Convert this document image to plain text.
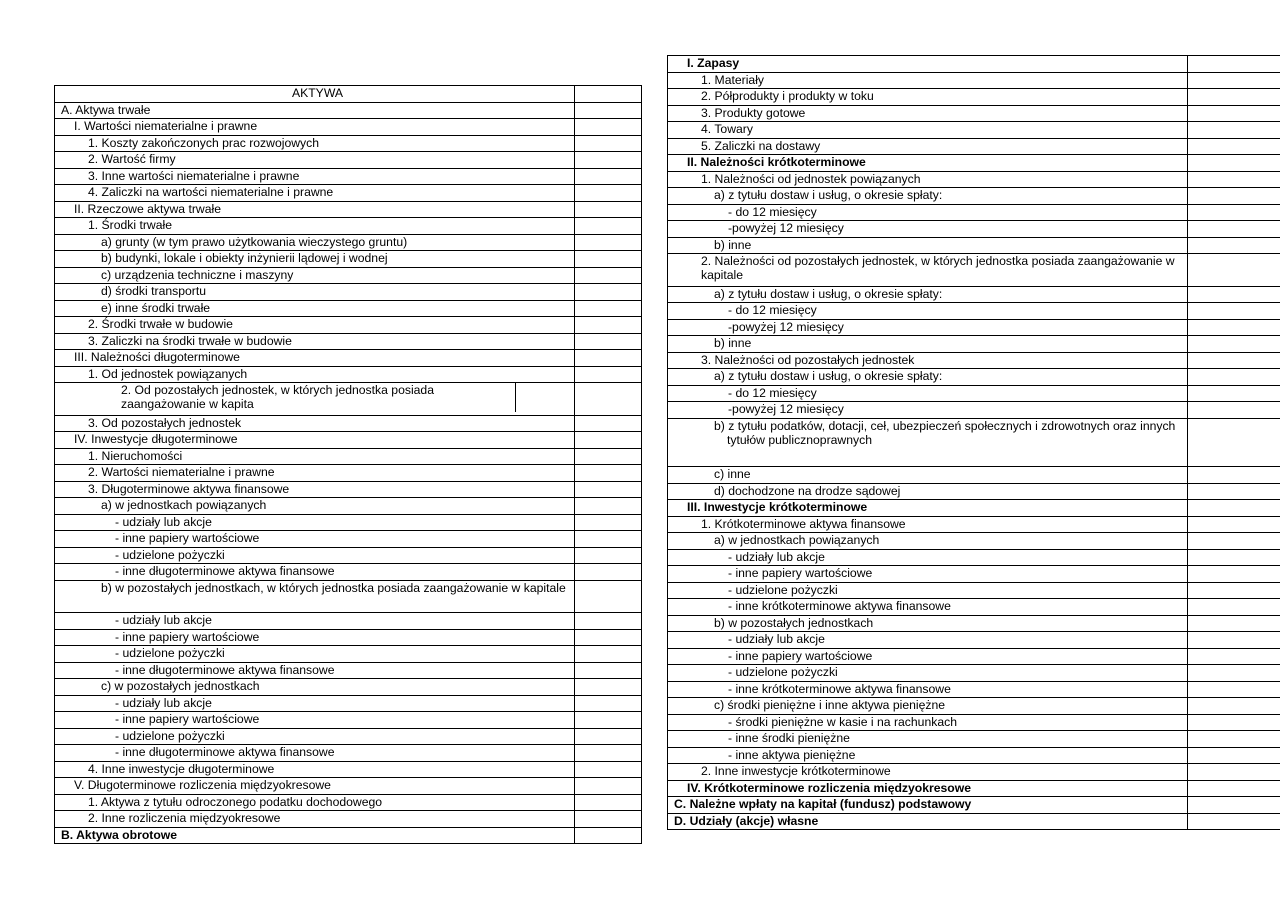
AKTYWA	
A. Aktywa trwałe	
I. Wartości niematerialne i prawne	
1. Koszty zakończonych prac rozwojowych	
2. Wartość firmy	
3. Inne wartości niematerialne i prawne	
4. Zaliczki na wartości niematerialne i prawne	
II. Rzeczowe aktywa trwałe	
1. Środki trwałe	
a) grunty (w tym prawo użytkowania wieczystego gruntu)	
b) budynki, lokale i obiekty inżynierii lądowej i wodnej	
c) urządzenia techniczne i maszyny	
d) środki transportu	
e) inne środki trwałe	
2. Środki trwałe w budowie	
3. Zaliczki na środki trwałe w budowie	
III. Należności długoterminowe	
1. Od jednostek powiązanych	

2. Od pozostałych jednostek, w których jednostka posiada zaangażowanie w kapita	

3. Od pozostałych jednostek	
IV. Inwestycje długoterminowe	
1. Nieruchomości	
2. Wartości niematerialne i prawne	
3. Długoterminowe aktywa finansowe	
a) w jednostkach powiązanych	
- udziały lub akcje	
- inne papiery wartościowe	
- udzielone pożyczki	
- inne długoterminowe aktywa finansowe	
b) w pozostałych jednostkach, w których jednostka posiada zaangażowanie w kapitale	
- udziały lub akcje	
- inne papiery wartościowe	
- udzielone pożyczki	
- inne długoterminowe aktywa finansowe	
c) w pozostałych jednostkach	
- udziały lub akcje	
- inne papiery wartościowe	
- udzielone pożyczki	
- inne długoterminowe aktywa finansowe	
4. Inne inwestycje długoterminowe	
V. Długoterminowe rozliczenia międzyokresowe	
1. Aktywa z tytułu odroczonego podatku dochodowego	
2. Inne rozliczenia międzyokresowe	
B. Aktywa obrotowe	
I. Zapasy	
1. Materiały	
2. Półprodukty i produkty w toku	
3. Produkty gotowe	
4. Towary	
5. Zaliczki na dostawy	
II. Należności krótkoterminowe	
1. Należności od jednostek powiązanych	
a) z tytułu dostaw i usług, o okresie spłaty:	
- do 12 miesięcy	
-powyżej 12 miesięcy	
b) inne	
2. Należności od pozostałych jednostek, w których jednostka posiada zaangażowanie w kapitale	
a) z tytułu dostaw i usług, o okresie spłaty:	
- do 12 miesięcy	
-powyżej 12 miesięcy	
b) inne	
3. Należności od pozostałych jednostek	
a) z tytułu dostaw i usług, o okresie spłaty:	
- do 12 miesięcy	
-powyżej 12 miesięcy	
b) z tytułu podatków, dotacji, ceł, ubezpieczeń społecznych i zdrowotnych oraz innych
tytułów publicznoprawnych	
c) inne	
d) dochodzone na drodze sądowej	
III. Inwestycje krótkoterminowe	
1. Krótkoterminowe aktywa finansowe	
a) w jednostkach powiązanych	
- udziały lub akcje	
- inne papiery wartościowe	
- udzielone pożyczki	
- inne krótkoterminowe aktywa finansowe	
b) w pozostałych jednostkach	
- udziały lub akcje	
- inne papiery wartościowe	
- udzielone pożyczki	
- inne krótkoterminowe aktywa finansowe	
c) środki pieniężne i inne aktywa pieniężne	
- środki pieniężne w kasie i na rachunkach	
- inne środki pieniężne	
- inne aktywa pieniężne	
2. Inne inwestycje krótkoterminowe	
IV. Krótkoterminowe rozliczenia międzyokresowe	
C. Należne wpłaty na kapitał (fundusz) podstawowy	
D. Udziały (akcje) własne	
